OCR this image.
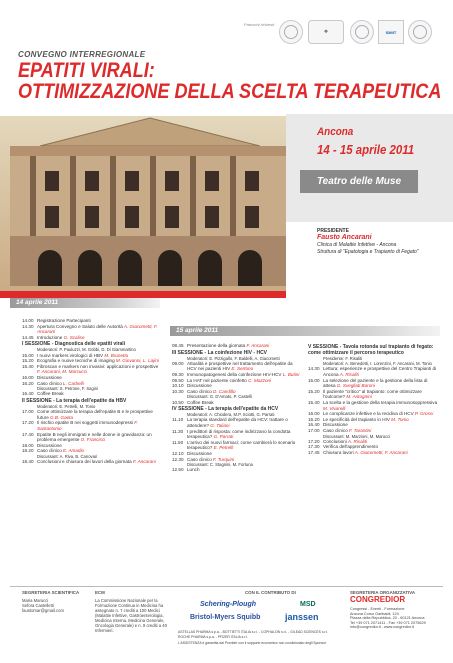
Patrocini richiesti
❖	SIMIT
CONVEGNO INTERREGIONALE
EPATITI VIRALI:
OTTIMIZZAZIONE DELLA SCELTA TERAPEUTICA
Ancona
14 - 15 aprile 2011
Teatro delle Muse
PRESIDENTE
Fausto Ancarani
Clinica di Malattie Infettive - Ancona
Struttura di "Epatologia e Trapianto di Fegato"
14 aprile 2011
15 aprile 2011
14.00 Registrazione Partecipanti
14.30 Apertura Convegno e Saluto delle Autorità A. Giacometti, F. Ancarani
14.45 Introduzione G. Scalise
I SESSIONE - Diagnostica delle epatiti virali
Moderatori: P. Pauluzzi, M. Gobbi, D. Di Giammartino
15.00 I nuovi markers virologici di HBV M. Brunetto
15.20 Ecografia e nuove tecniche di imaging M. Giovanni, L. Lajini
15.40 Fibroscan e markers non invasivi: applicazioni e prospettive F. Ancarani, M. Marcucci
16.00 Discussione
16.20 Caso clinico L. Carbelli
Discussant: S. Petrone, F. Sagini
16.40 Coffee Break
II SESSIONE - La terapia dell'epatite da HBV
Moderatori: E. Petrelli, M. Tonio
17.00 Come ottimizzare la terapia dell'epatite B e le prospettive future G.B. Gaeta
17.20 Il rischio epatite B nei soggetti immunodepressi F. Santantonio
17.40 Epatite B negli immigrati e nelle donne in gravidanza: un problema emergente O. Francisci
18.00 Discussione
18.20 Caso clinico E. Amadio
Discussant: A. Riva, B. Canovari
18.40 Conclusioni e chiusura dei lavori della giornata F. Ancarani
08.45 Presentazione della giornata F. Ancarani
III SESSIONE - La coinfezione HIV - HCV
Moderatori: E. Pizzigallo, F. Baldelli, A. Giacometti
09.00 Attualità e prospettive nel trattamento dell'epatite da HCV nei pazienti HIV E. Sertono
09.30 Immunopatogenesi della coinfezione HIV-HCV L. Butini
09.50 La HAT nel paziente coinfetto C. Mazzoni
10.10 Discussione
10.30 Caso clinico D. Candillo
Discussant: G. D'Amato, P. Castelli
10.50 Coffee Break
IV SESSIONE - La terapia dell'epatite da HCV
Moderatori: A. Chiodera, M.P. Sciotti, G. Parrati
11.10 La terapia standard dell'epatite da HCV: trattare o attendere? G. Taliani
11.30 I predittori di risposta: come indirizzano la condotta terapeutica? G. Parrati
11.50 L'arrivo dei nuovi farmaci: come cambierà lo scenario terapeutico? E. Petrelli
12.10 Discussione
12.30 Caso clinico F. Turquini
Discussant: C. Stagnini, M. Fortuna
12.50 Lunch
V SESSIONE - Tavola rotonda sul trapianto di fegato: come ottimizzare il percorso terapeutico
Presidente: F. Risaliti
Moderatori: A. Benedetti, I. Lorenzini, F. Ancarani, M. Tonio
14.30 Lettura: esperienze e prospettive del Centro Trapianti di Ancona A. Risaliti
15.00 La selezione del paziente e la gestione della lista di attesa G. Svegliati Baroni
15.20 Il paziente "critico" al trapianto: come ottimizzare l'outcome? M. Antognini
15.40 La scelta e la gestione della terapia immunosoppressiva M. Vivarelli
16.00 Le complicanze infettive e la recidiva di HCV P. Grossi
16.20 Le specificità del trapianto in HIV M. Tonio
16.40 Discussione
17.00 Caso clinico F. Tarantini
Discussant: M. Marzioni, M. Marucci
17.20 Conclusioni A. Risaliti
17.30 Verifica dell'apprendimento
17.45 Chiusura lavori A. Giacometti, F. Ancarani
SEGRETERIA SCIENTIFICA
Maria Marucci
Sefora Castelletti
faustomar@gmail.com
ECM
La Commissione Nazionale per la Formazione Continua in Medicina ha assegnato n. 7 crediti a 100 Medici (Malattie Infettive, Gastroenterologia, Medicina Interna, Medicina Generale, Oncologia Generale) e n. 8 crediti a 40 Infermieri.
CON IL CONTRIBUTO DI
Schering-Plough	MSD
Bristol-Myers Squibb	janssen
ASTELLAS PHARMA s.p.a. - BOTTIETTI ITALIA s.r.l. - COPHALON s.r.l. - GILEAD SCIENCES s.r.l.
ROCHE PHARMA s.p.a. - PFIZER ITALIA s.r.l.
L'ASSISTENZA è garantita dal Provider con il supporto economico non condizionato degli Sponsor
SEGRETERIA ORGANIZZATIVA
CONGREDIOR
Congressi - Eventi - Formazione
Ancona Corso Garibaldi, 124
Piazza della Repubblica, 20 - 60121 Ancona
Tel +39 071 2071411 - Fax +39 071 2075629
info@congredior.it - www.congredior.it
